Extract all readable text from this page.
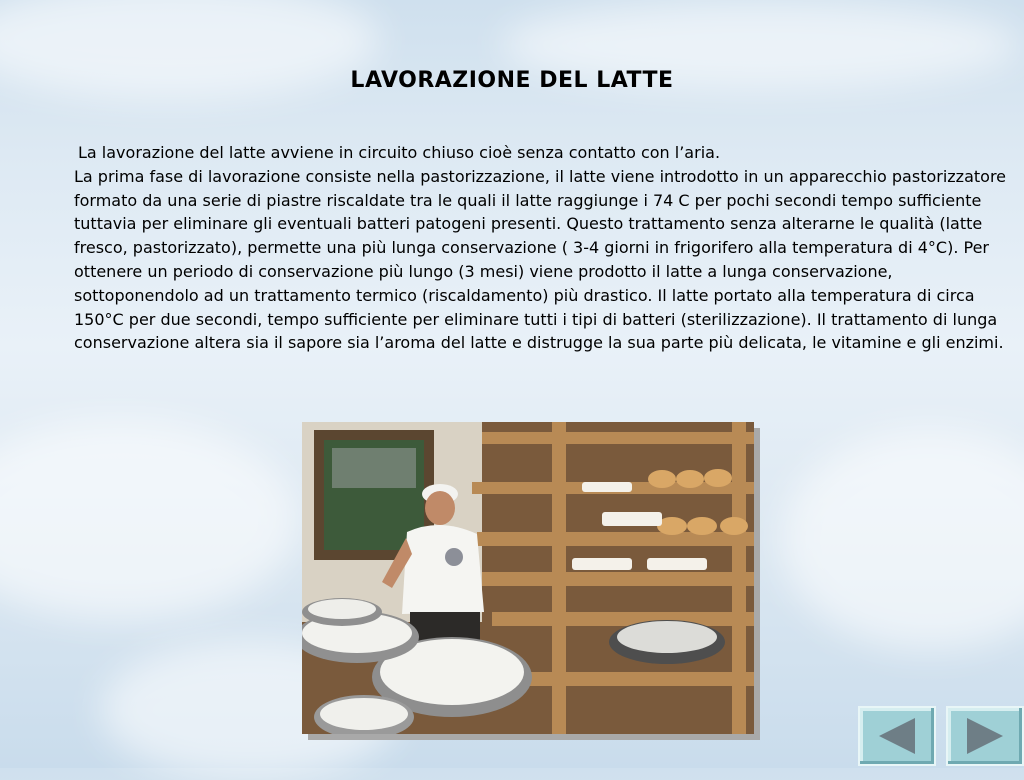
LAVORAZIONE DEL LATTE

La lavorazione del latte avviene in circuito chiuso cioè senza contatto con l’aria.

La prima fase di lavorazione consiste nella pastorizzazione, il latte viene introdotto in un apparecchio pastorizzatore formato da una serie di piastre riscaldate tra le quali il latte raggiunge i 74 C per pochi secondi tempo sufficiente tuttavia per eliminare gli eventuali batteri patogeni presenti. Questo trattamento senza alterarne le qualità (latte fresco, pastorizzato), permette una più lunga conservazione ( 3-4 giorni in frigorifero alla temperatura di 4°C). Per ottenere un periodo di conservazione più lungo (3 mesi) viene prodotto il latte a lunga conservazione, sottoponendolo ad un trattamento termico (riscaldamento) più drastico. Il latte portato alla temperatura di circa 150°C per due secondi, tempo sufficiente per eliminare tutti i tipi di batteri (sterilizzazione). Il trattamento di lunga conservazione altera sia il sapore sia l’aroma del latte e distrugge la sua parte più delicata, le vitamine e gli enzimi.
